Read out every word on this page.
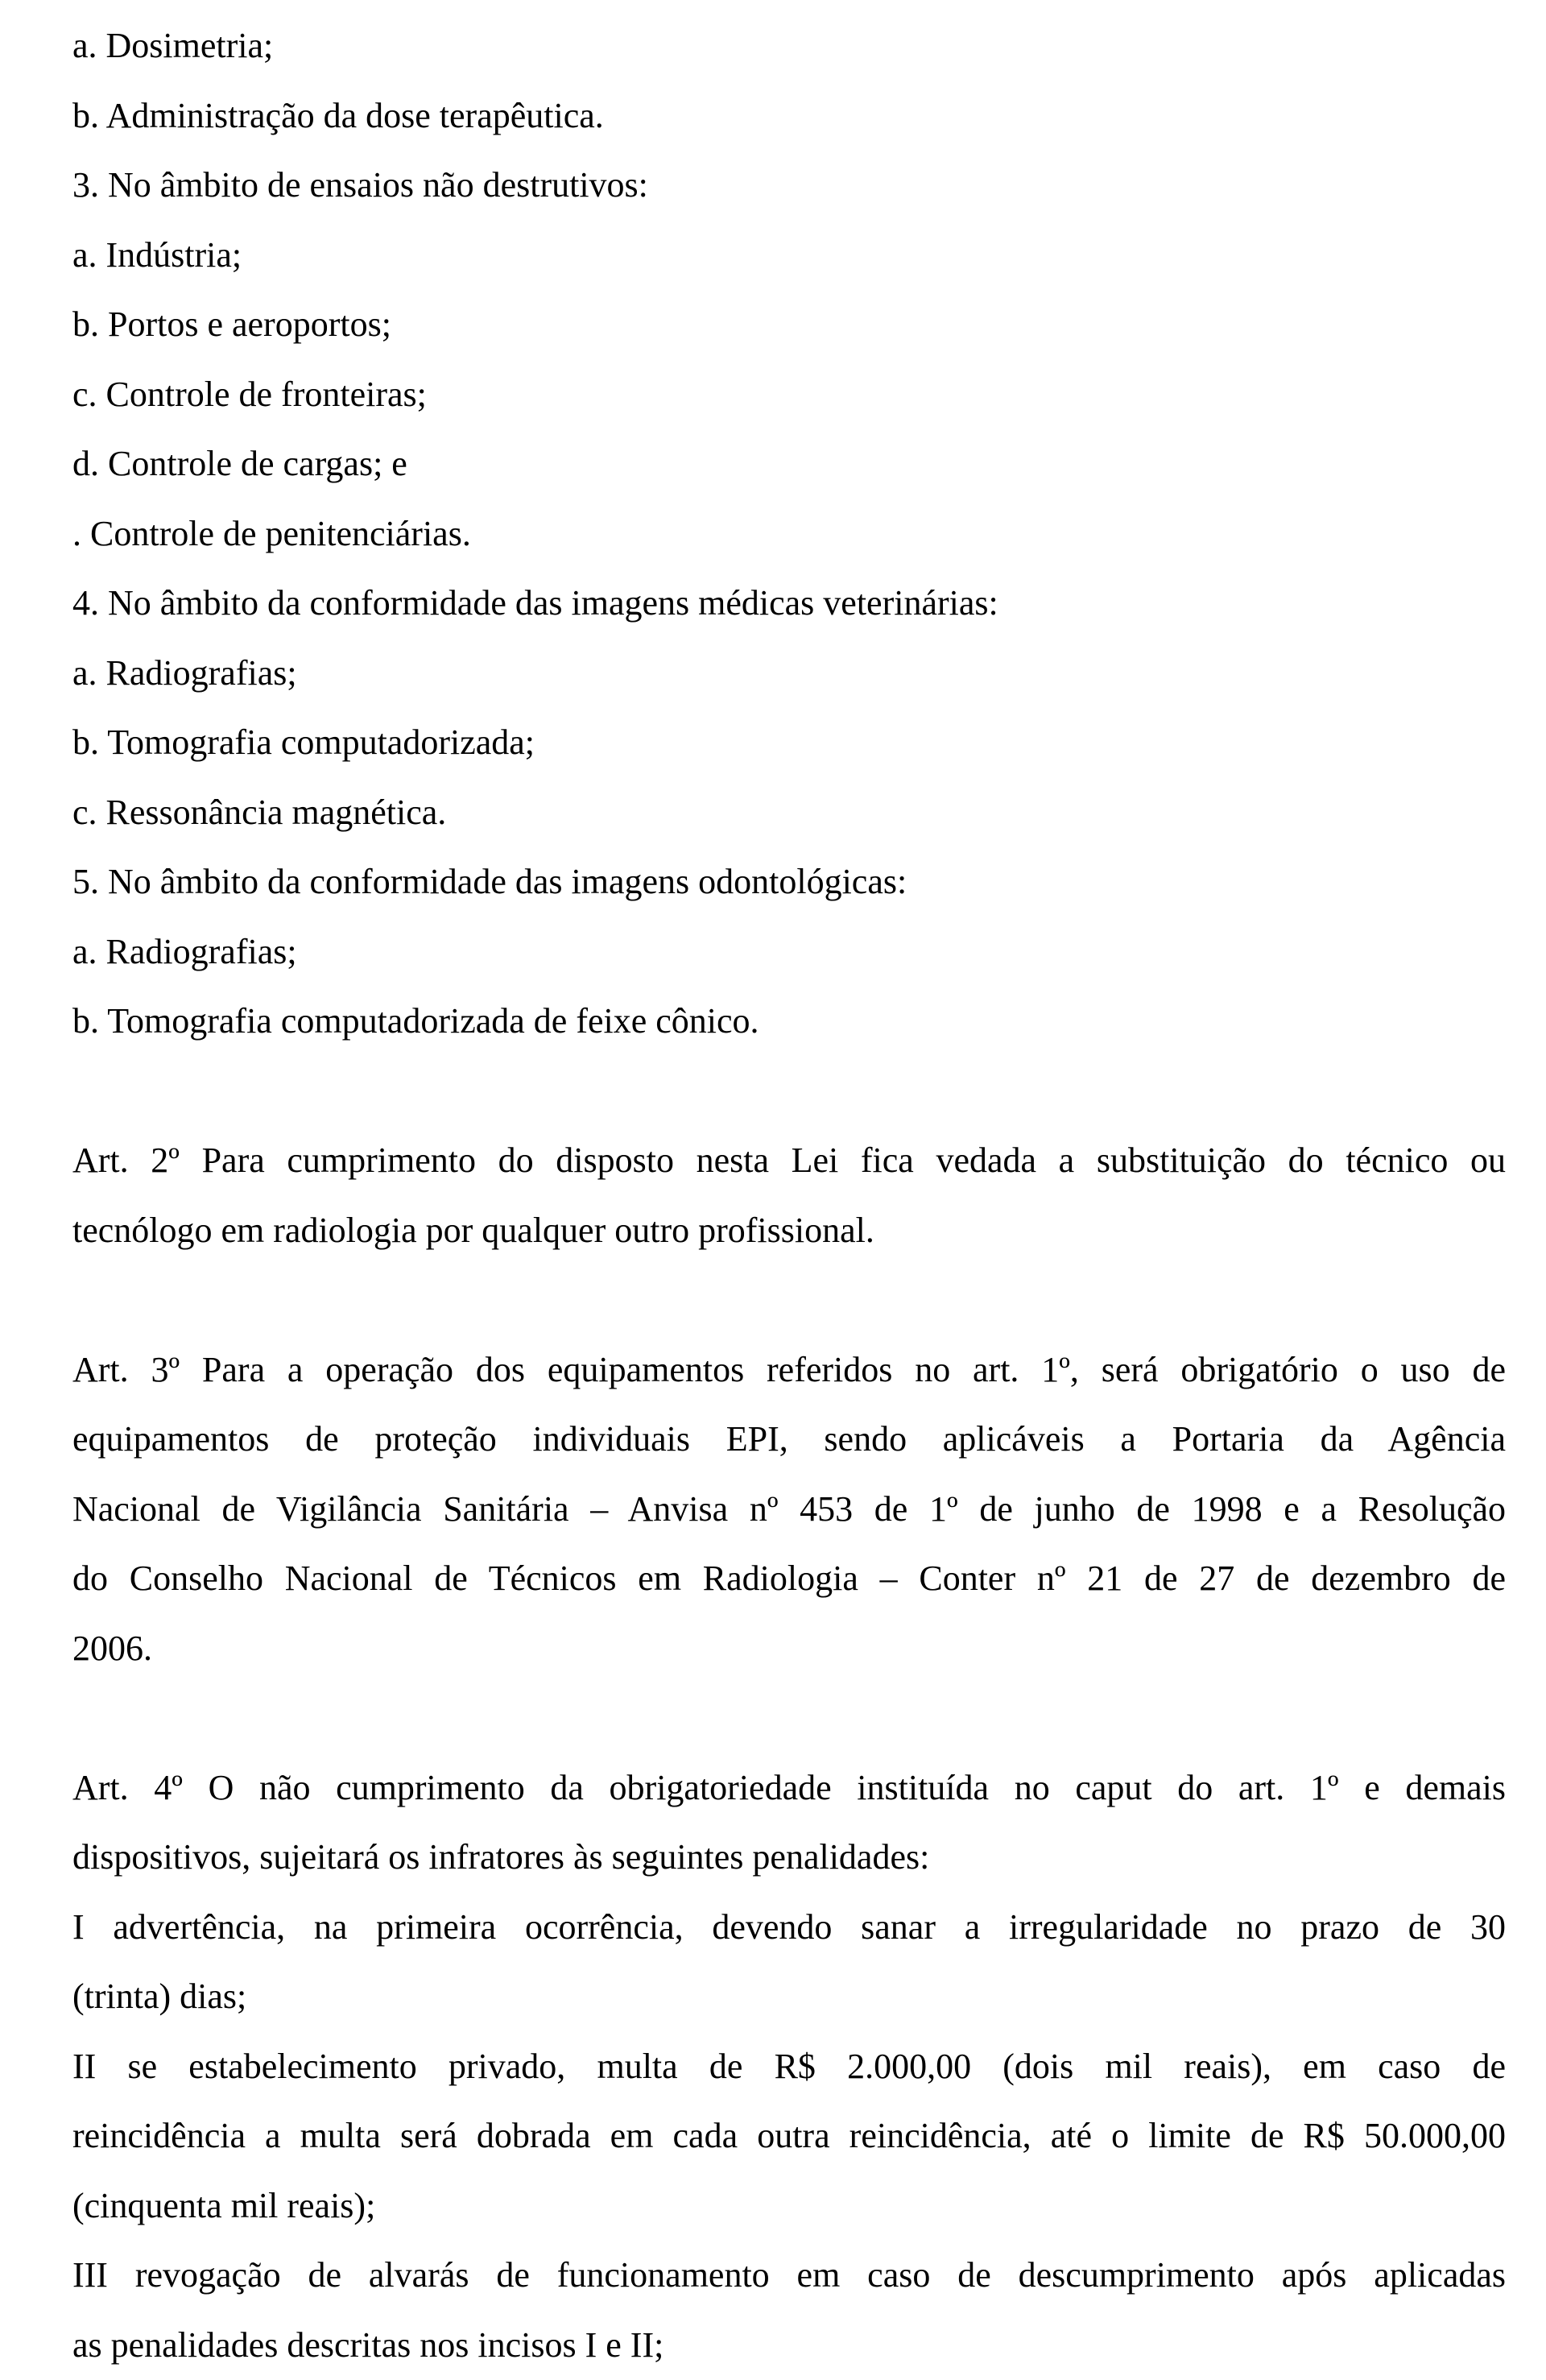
a. Dosimetria;
b. Administração da dose terapêutica.
3. No âmbito de ensaios não destrutivos:
a. Indústria;
b. Portos e aeroportos;
c. Controle de fronteiras;
d. Controle de cargas; e
. Controle de penitenciárias.
4. No âmbito da conformidade das imagens médicas veterinárias:
a. Radiografias;
b. Tomografia computadorizada;
c. Ressonância magnética.
5. No âmbito da conformidade das imagens odontológicas:
a. Radiografias;
b. Tomografia computadorizada de feixe cônico.
Art. 2º Para cumprimento do disposto nesta Lei fica vedada a substituição do técnico ou
tecnólogo em radiologia por qualquer outro profissional.
Art. 3º Para a operação dos equipamentos referidos no art. 1º, será obrigatório o uso de
equipamentos de proteção individuais EPI, sendo aplicáveis a Portaria da Agência
Nacional de Vigilância Sanitária – Anvisa nº 453 de 1º de junho de 1998 e a Resolução
do Conselho Nacional de Técnicos em Radiologia – Conter nº 21 de 27 de dezembro de
2006.
Art. 4º O não cumprimento da obrigatoriedade instituída no caput do art. 1º e demais
dispositivos, sujeitará os infratores às seguintes penalidades:
I advertência, na primeira ocorrência, devendo sanar a irregularidade no prazo de 30
(trinta) dias;
II se estabelecimento privado, multa de R$ 2.000,00 (dois mil reais), em caso de
reincidência a multa será dobrada em cada outra reincidência, até o limite de R$ 50.000,00
(cinquenta mil reais);
III revogação de alvarás de funcionamento em caso de descumprimento após aplicadas
as penalidades descritas nos incisos I e II;
